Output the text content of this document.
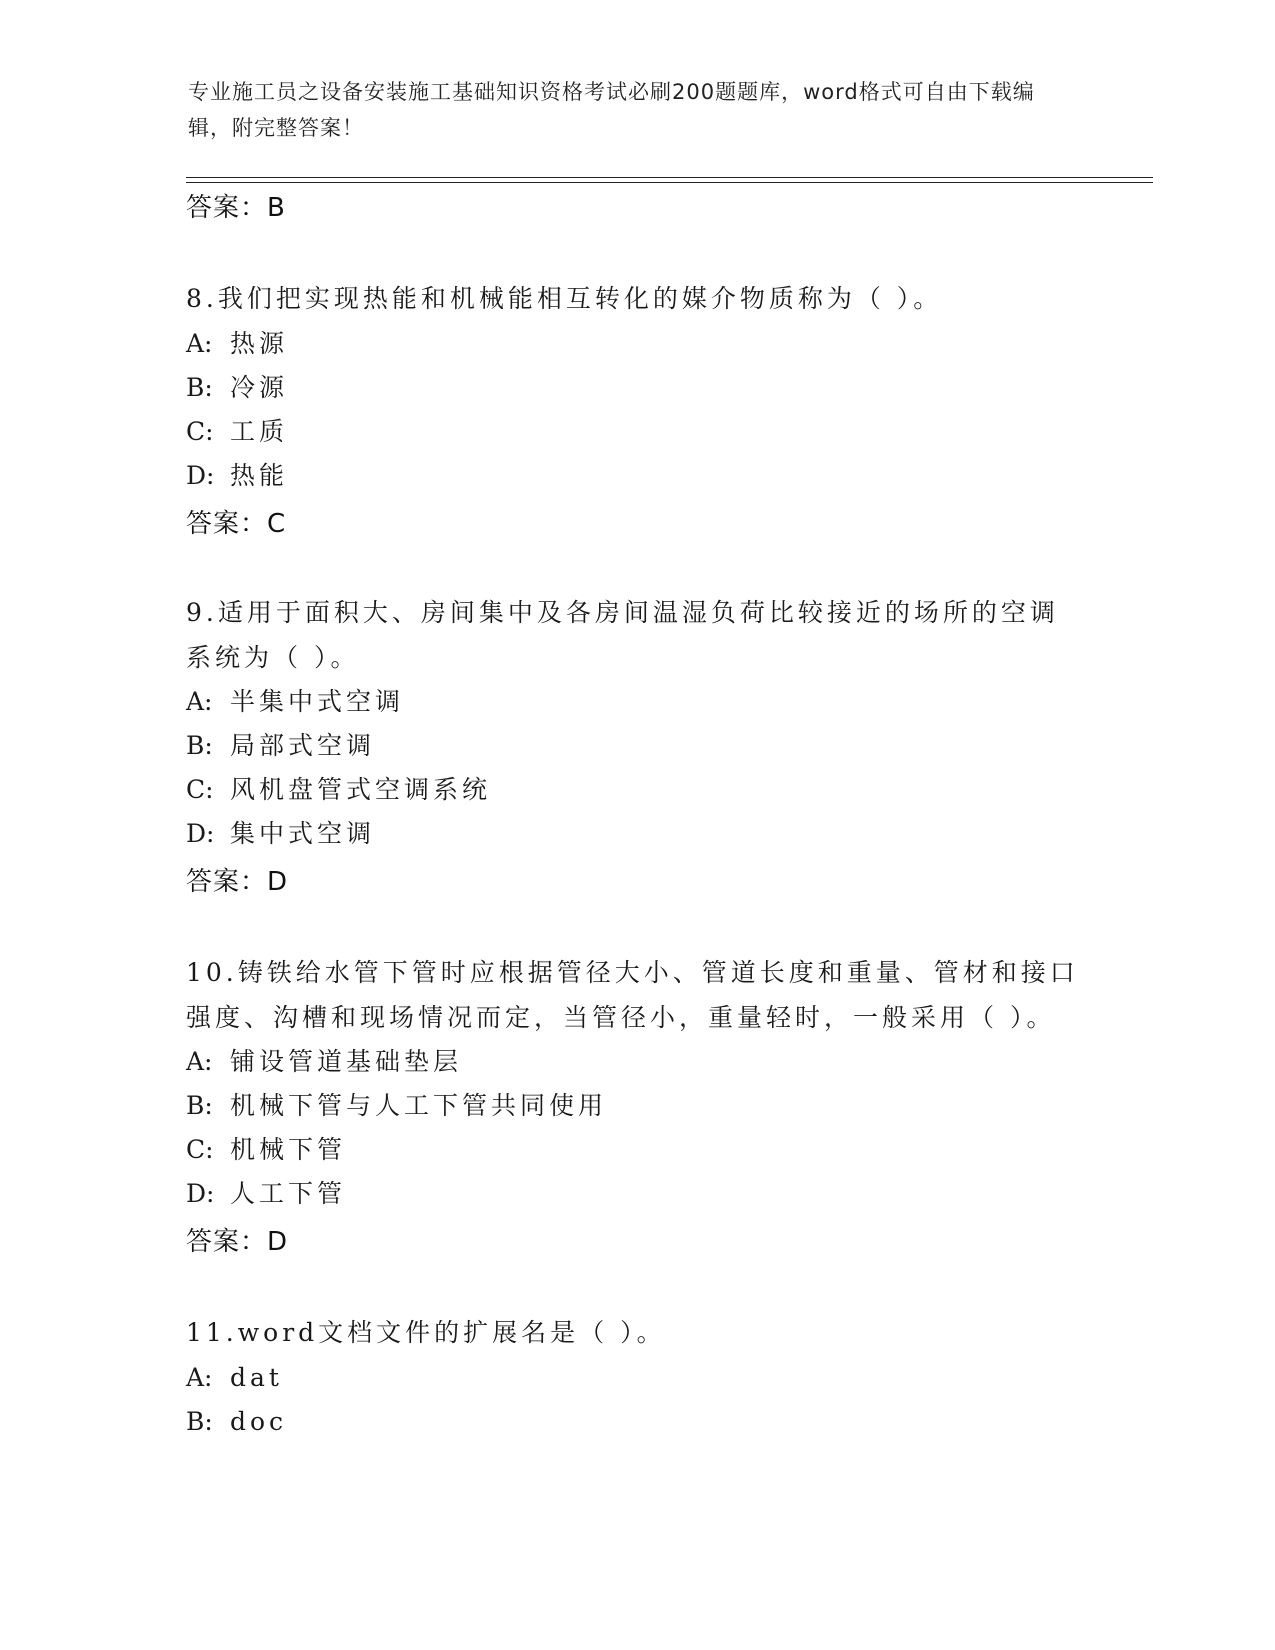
专业施工员之设备安装施工基础知识资格考试必刷200题题库，word格式可自由下载编辑，附完整答案！
答案：B
8.我们把实现热能和机械能相互转化的媒介物质称为（ ）。
A: 热源
B: 冷源
C: 工质
D: 热能
答案：C
9.适用于面积大、房间集中及各房间温湿负荷比较接近的场所的空调系统为（ ）。
A: 半集中式空调
B: 局部式空调
C: 风机盘管式空调系统
D: 集中式空调
答案：D
10.铸铁给水管下管时应根据管径大小、管道长度和重量、管材和接口强度、沟槽和现场情况而定，当管径小，重量轻时，一般采用（ ）。
A: 铺设管道基础垫层
B: 机械下管与人工下管共同使用
C: 机械下管
D: 人工下管
答案：D
11.word文档文件的扩展名是（ ）。
A: dat
B: doc
